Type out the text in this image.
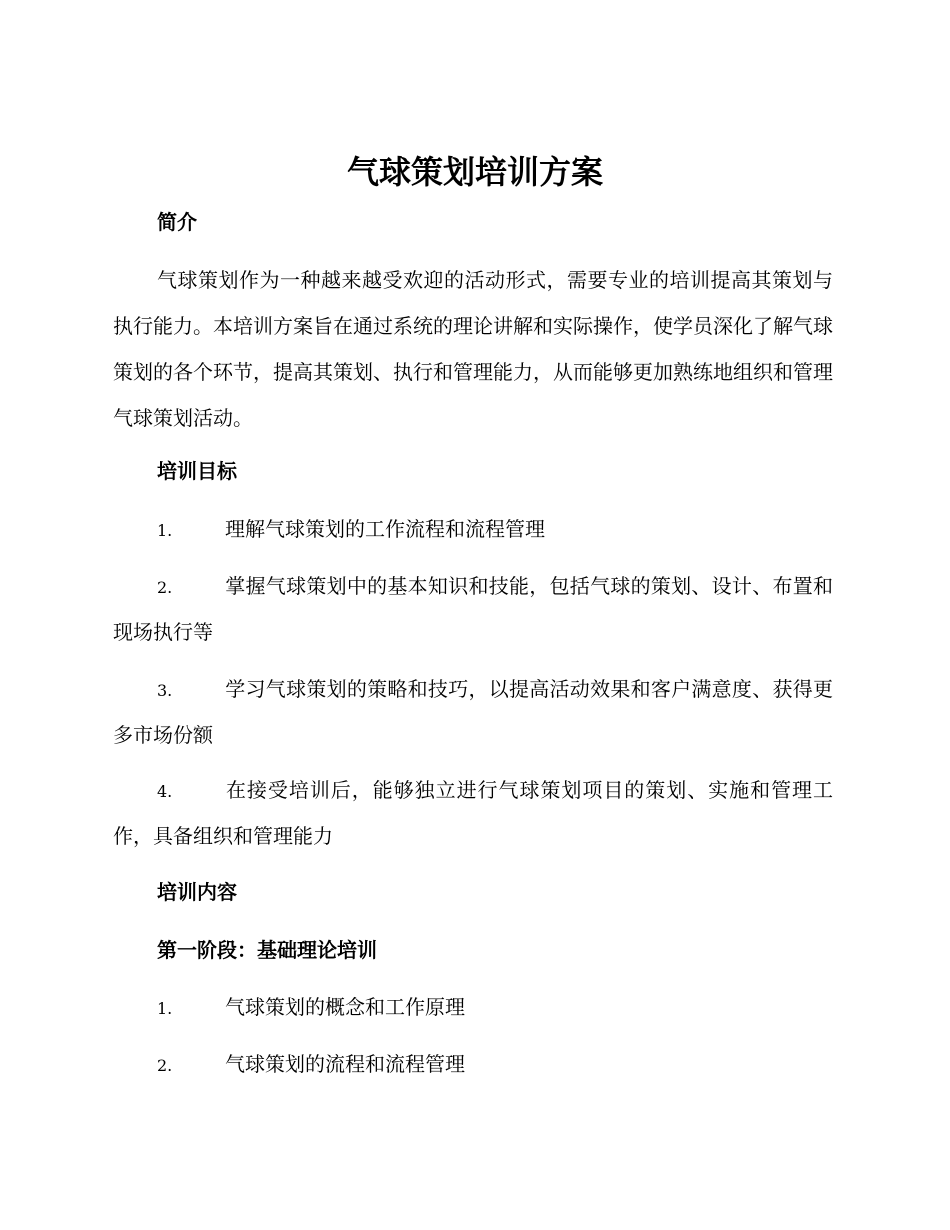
气球策划培训方案
简介

气球策划作为一种越来越受欢迎的活动形式，需要专业的培训提高其策划与执行能力。本培训方案旨在通过系统的理论讲解和实际操作，使学员深化了解气球策划的各个环节，提高其策划、执行和管理能力，从而能够更加熟练地组织和管理气球策划活动。

培训目标

1.	理解气球策划的工作流程和流程管理

2.	掌握气球策划中的基本知识和技能，包括气球的策划、设计、布置和现场执行等

3.	学习气球策划的策略和技巧，以提高活动效果和客户满意度、获得更多市场份额

4.	在接受培训后，能够独立进行气球策划项目的策划、实施和管理工作，具备组织和管理能力

培训内容
第一阶段：基础理论培训

1.	气球策划的概念和工作原理

2.	气球策划的流程和流程管理
